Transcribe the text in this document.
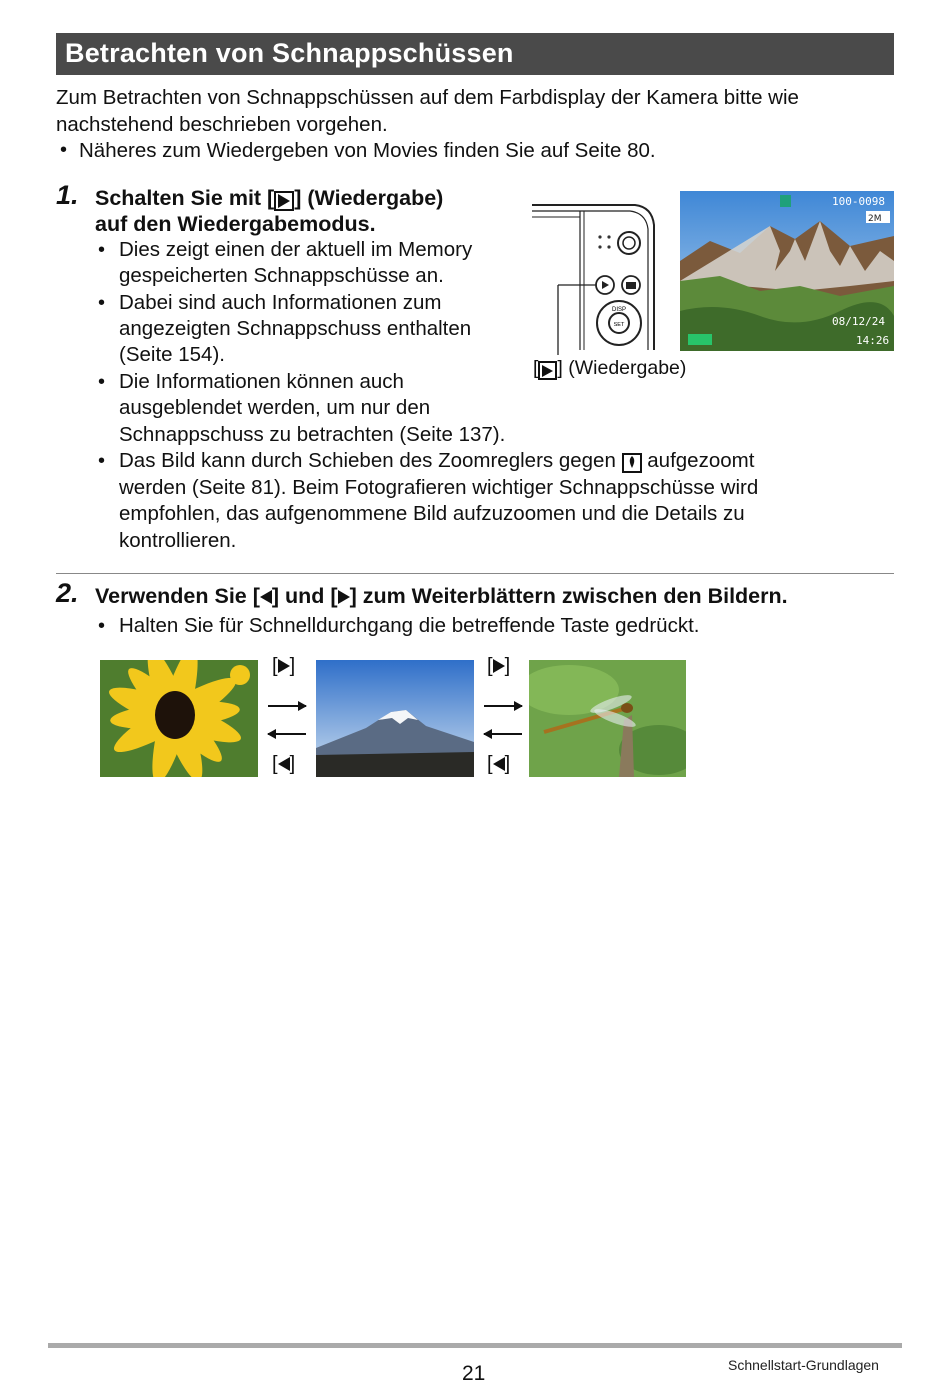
Betrachten von Schnappschüssen
Zum Betrachten von Schnappschüssen auf dem Farbdisplay der Kamera bitte wie
nachstehend beschrieben vorgehen.
• Näheres zum Wiedergeben von Movies finden Sie auf Seite 80.
1. Schalten Sie mit [ ] (Wiedergabe)
auf den Wiedergabemodus.
• Dies zeigt einen der aktuell im Memory
gespeicherten Schnappschüsse an.
• Dabei sind auch Informationen zum
angezeigten Schnappschuss enthalten
(Seite 154).
• Die Informationen können auch
ausgeblendet werden, um nur den
Schnappschuss zu betrachten (Seite 137).
• Das Bild kann durch Schieben des Zoomreglers gegen aufgezoomt
werden (Seite 81). Beim Fotografieren wichtiger Schnappschüsse wird
empfohlen, das aufgenommene Bild aufzuzoomen und die Details zu
kontrollieren.
DISP
SET
[ ] (Wiedergabe)
100-0098
2M
08/12/24
14:26
2. Verwenden Sie [ ] und [ ] zum Weiterblättern zwischen den Bildern.
• Halten Sie für Schnelldurchgang die betreffende Taste gedrückt.
[ ]
[ ]
[ ]
[ ]
21	Schnellstart-Grundlagen
